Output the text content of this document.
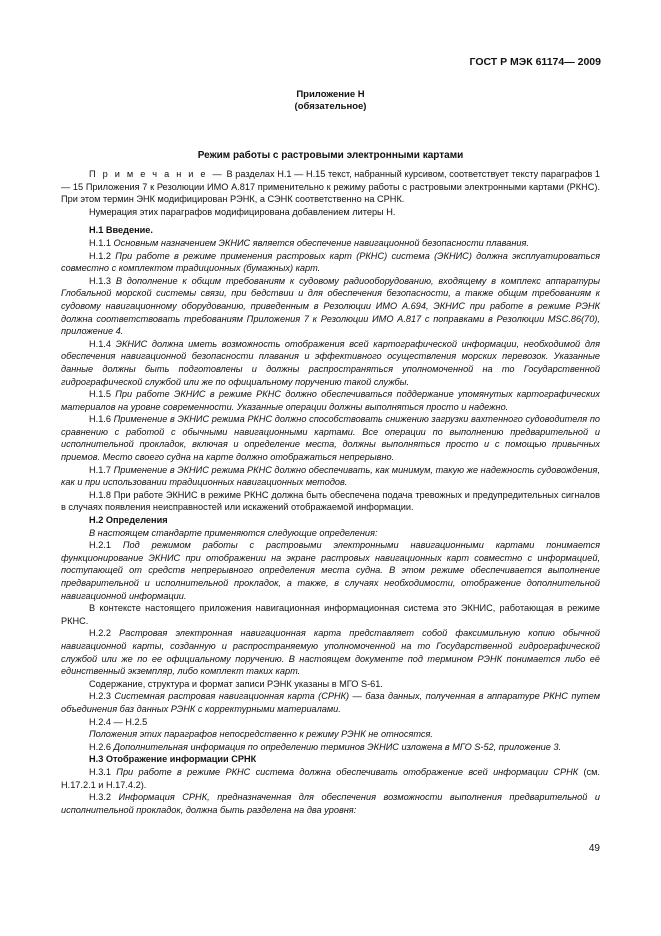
ГОСТ Р МЭК 61174— 2009
Приложение Н
(обязательное)
Режим работы с растровыми электронными картами

П р и м е ч а н и е — В разделах Н.1 — Н.15 текст, набранный курсивом, соответствует тексту параграфов 1 — 15 Приложения 7 к Резолюции ИМО А.817 применительно к режиму работы с растровыми электронными картами (РКНС). При этом термин ЭНК модифицирован РЭНК, а СЭНК соответственно на СРНК.

Нумерация этих параграфов модифицирована добавлением литеры Н.

Н.1 Введение.

Н.1.1 Основным назначением ЭКНИС является обеспечение навигационной безопасности плавания.

Н.1.2 При работе в режиме применения растровых карт (РКНС) система (ЭКНИС) должна эксплуатироваться совместно с комплектом традиционных (бумажных) карт.

Н.1.3 В дополнение к общим требованиям к судовому радиооборудованию, входящему в комплекс аппаратуры Глобальной морской системы связи, при бедствии и для обеспечения безопасности, а также общим требованиям к судовому навигационному оборудованию, приведенным в Резолюции ИМО А.694, ЭКНИС при работе в режиме РЭНК должна соответствовать требованиям Приложения 7 к Резолюции ИМО А.817 с поправками в Резолюции MSC.86(70), приложение 4.

Н.1.4 ЭКНИС должна иметь возможность отображения всей картографической информации, необходимой для обеспечения навигационной безопасности плавания и эффективного осуществления морских перевозок. Указанные данные должны быть подготовлены и должны распространяться уполномоченной на то Государственной гидрографической службой или же по официальному поручению такой службы.

Н.1.5 При работе ЭКНИС в режиме РКНС должно обеспечиваться поддержание упомянутых картографических материалов на уровне современности. Указанные операции должны выполняться просто и надежно.

Н.1.6 Применение в ЭКНИС режима РКНС должно способствовать снижению загрузки вахтенного судоводителя по сравнению с работой с обычными навигационными картами. Все операции по выполнению предварительной и исполнительной прокладок, включая и определение места, должны выполняться просто и с помощью привычных приемов. Место своего судна на карте должно отображаться непрерывно.

Н.1.7 Применение в ЭКНИС режима РКНС должно обеспечивать, как минимум, такую же надежность судовождения, как и при использовании традиционных навигационных методов.

Н.1.8 При работе ЭКНИС в режиме РКНС должна быть обеспечена подача тревожных и предупредительных сигналов в случаях появления неисправностей или искажений отображаемой информации.

Н.2 Определения

В настоящем стандарте применяются следующие определения:

Н.2.1 Под режимом работы с растровыми электронными навигационными картами понимается функционирование ЭКНИС при отображении на экране растровых навигационных карт совместно с информацией, поступающей от средств непрерывного определения места судна. В этом режиме обеспечивается выполнение предварительной и исполнительной прокладок, а также, в случаях необходимости, отображение дополнительной навигационной информации.

В контексте настоящего приложения навигационная информационная система это ЭКНИС, работающая в режиме РКНС.

Н.2.2 Растровая электронная навигационная карта представляет собой факсимильную копию обычной навигационной карты, созданную и распространяемую уполномоченной на то Государственной гидрографической службой или же по ее официальному поручению. В настоящем документе под термином РЭНК понимается либо её единственный экземпляр, либо комплект таких карт.

Содержание, структура и формат записи РЭНК указаны в МГО S-61.

Н.2.3 Системная растровая навигационная карта (СРНК) — база данных, полученная в аппаратуре РКНС путем объединения баз данных РЭНК с корректурными материалами.

Н.2.4 — Н.2.5

Положения этих параграфов непосредственно к режиму РЭНК не относятся.

Н.2.6 Дополнительная информация по определению терминов ЭКНИС изложена в МГО S-52, приложение 3.

Н.3 Отображение информации СРНК

Н.3.1 При работе в режиме РКНС система должна обеспечивать отображение всей информации СРНК (см. Н.17.2.1 и Н.17.4.2).

Н.3.2 Информация СРНК, предназначенная для обеспечения возможности выполнения предварительной и исполнительной прокладок, должна быть разделена на два уровня:

49
